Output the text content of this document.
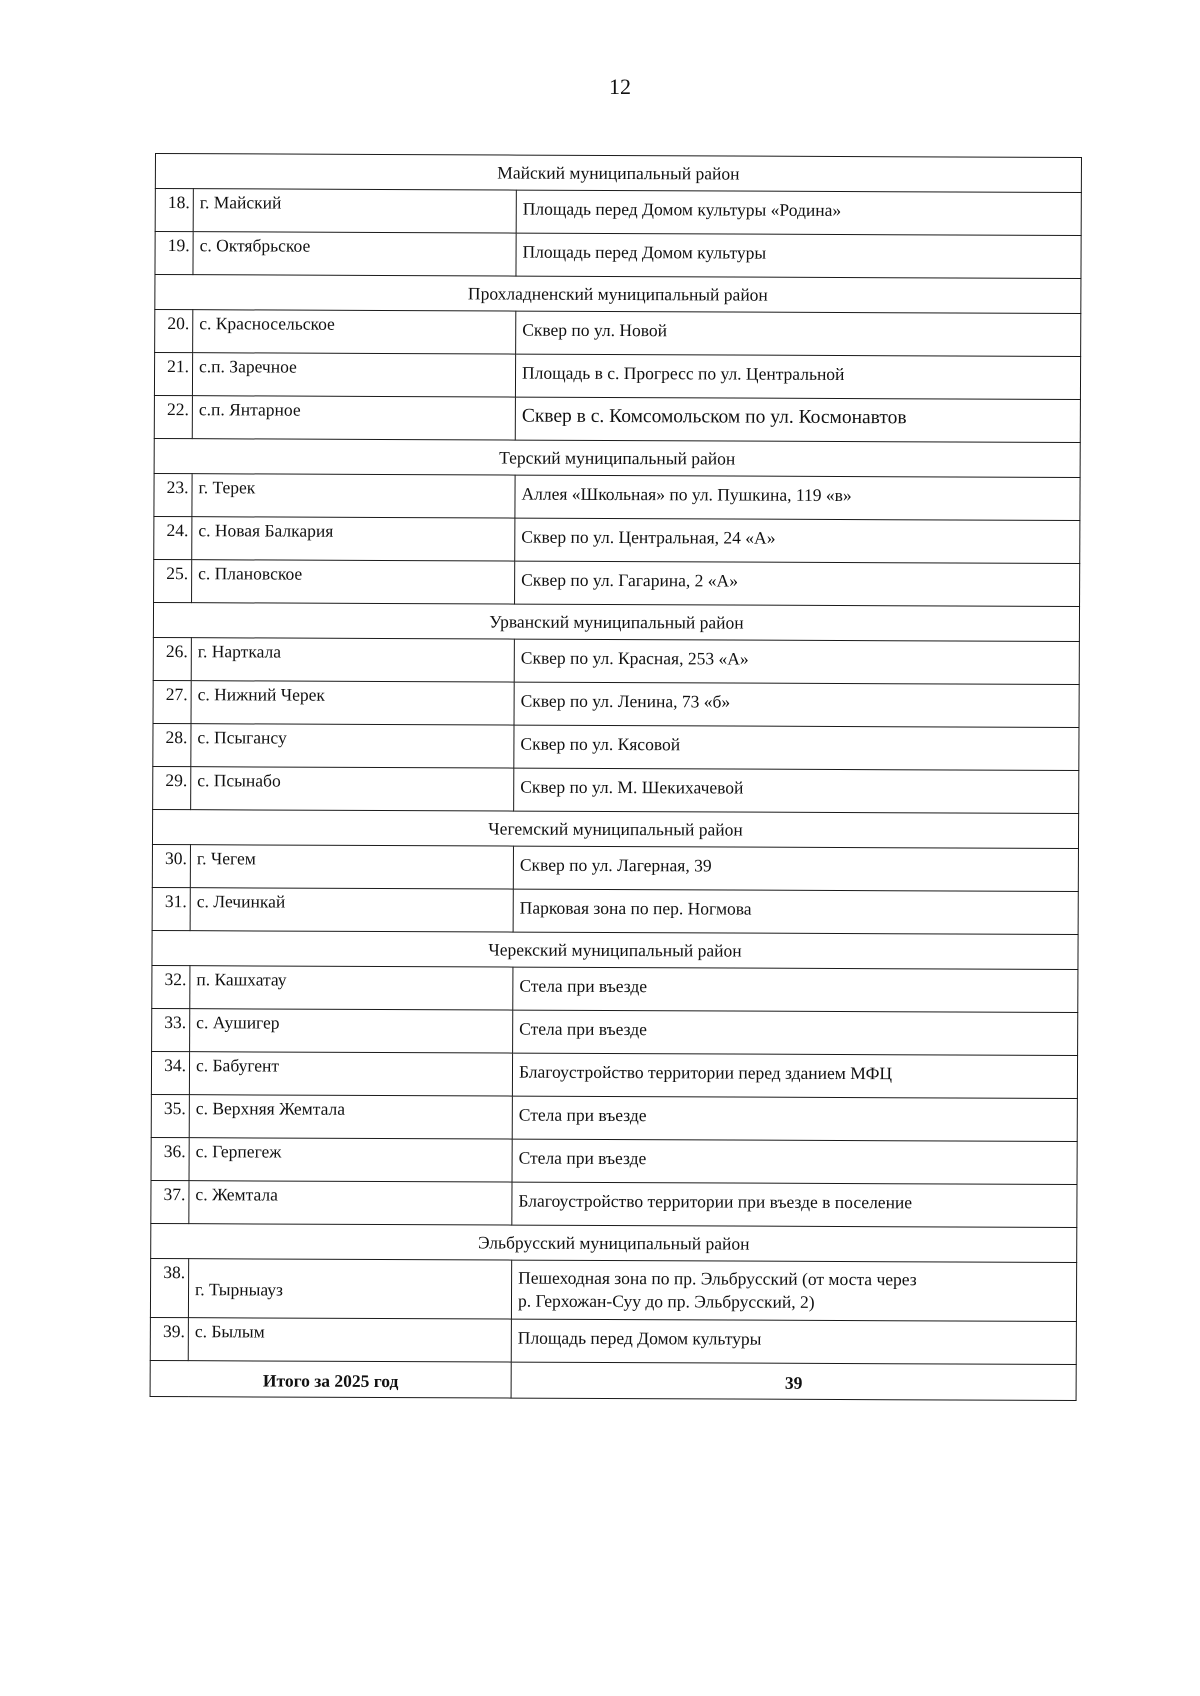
12
Майский муниципальный район		
18.	г. Майский	Площадь перед Домом культуры «Родина»
19.	с. Октябрьское	Площадь перед Домом культуры
Прохладненский муниципальный район		
20.	с. Красносельское	Сквер по ул. Новой
21.	с.п. Заречное	Площадь в с. Прогресс по ул. Центральной
22.	с.п. Янтарное	Сквер в с. Комсомольском по ул. Космонавтов
Терский муниципальный район		
23.	г. Терек	Аллея «Школьная» по ул. Пушкина, 119 «в»
24.	с. Новая Балкария	Сквер по ул. Центральная, 24 «А»
25.	с. Плановское	Сквер по ул. Гагарина, 2 «А»
Урванский муниципальный район		
26.	г. Нарткала	Сквер по ул. Красная, 253 «А»
27.	с. Нижний Черек	Сквер по ул. Ленина, 73 «б»
28.	с. Псыгансу	Сквер по ул. Кясовой
29.	с. Псынабо	Сквер по ул. М. Шекихачевой
Чегемский муниципальный район		
30.	г. Чегем	Сквер по ул. Лагерная, 39
31.	с. Лечинкай	Парковая зона по пер. Ногмова
Черекский муниципальный район		
32.	п. Кашхатау	Стела при въезде
33.	с. Аушигер	Стела при въезде
34.	с. Бабугент	Благоустройство территории перед зданием МФЦ
35.	с. Верхняя Жемтала	Стела при въезде
36.	с. Герпегеж	Стела при въезде
37.	с. Жемтала	Благоустройство территории при въезде в поселение
Эльбрусский муниципальный район		
38.	г. Тырныауз	Пешеходная зона по пр. Эльбрусский (от моста через
р. Герхожан-Суу до пр. Эльбрусский, 2)
39.	с. Былым	Площадь перед Домом культуры
Итого за 2025 год		39
